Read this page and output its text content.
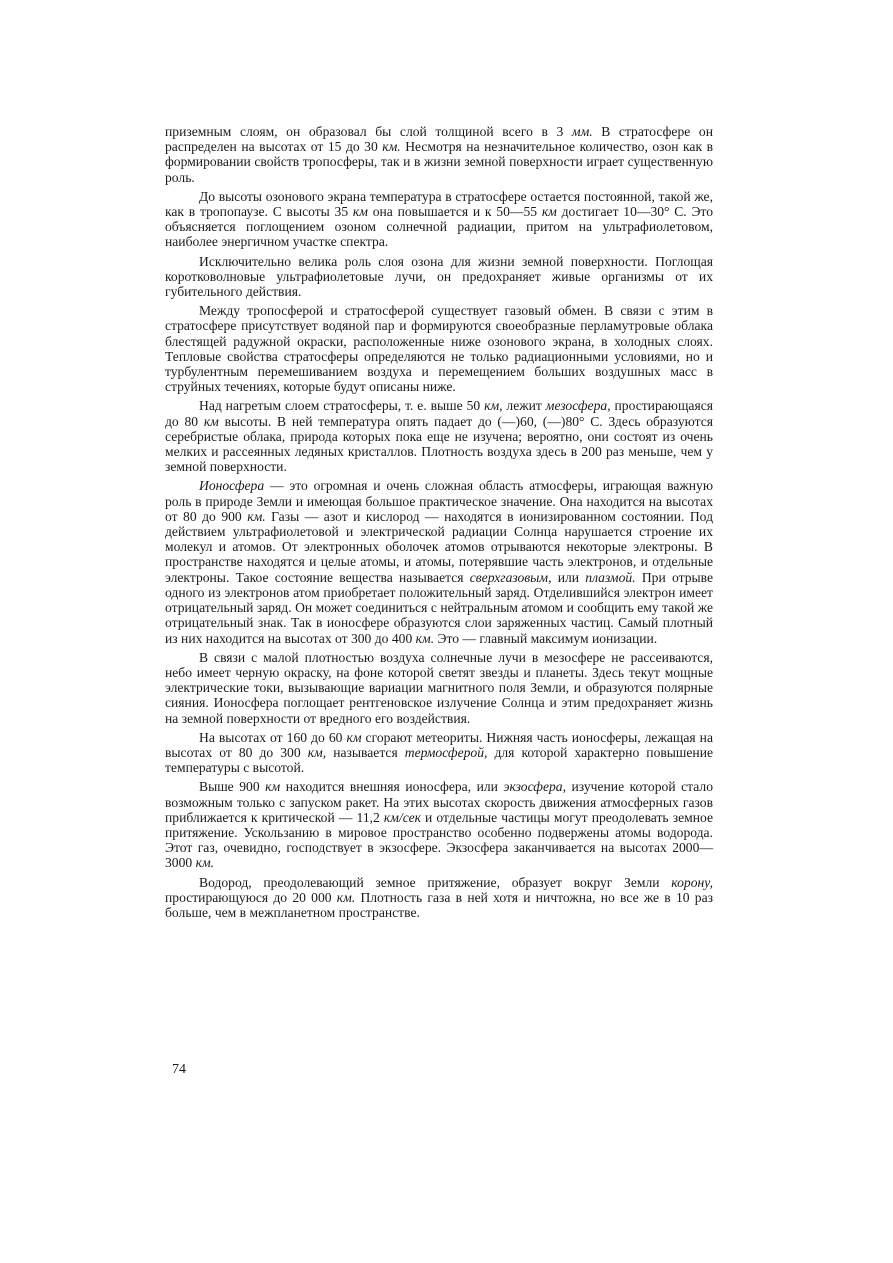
приземным слоям, он образовал бы слой толщиной всего в 3 мм. В стратосфере он распределен на высотах от 15 до 30 км. Несмотря на незначительное количество, озон как в формировании свойств тропосферы, так и в жизни земной поверхности играет существенную роль.

До высоты озонового экрана температура в стратосфере остается постоянной, такой же, как в тропопаузе. С высоты 35 км она повышается и к 50—55 км достигает 10—30° С. Это объясняется поглощением озоном солнечной радиации, притом на ультрафиолетовом, наиболее энергичном участке спектра.

Исключительно велика роль слоя озона для жизни земной поверхности. Поглощая коротковолновые ультрафиолетовые лучи, он предохраняет живые организмы от их губительного действия.

Между тропосферой и стратосферой существует газовый обмен. В связи с этим в стратосфере присутствует водяной пар и формируются своеобразные перламутровые облака блестящей радужной окраски, расположенные ниже озонового экрана, в холодных слоях. Тепловые свойства стратосферы определяются не только радиационными условиями, но и турбулентным перемешиванием воздуха и перемещением больших воздушных масс в струйных течениях, которые будут описаны ниже.

Над нагретым слоем стратосферы, т. е. выше 50 км, лежит мезосфера, простирающаяся до 80 км высоты. В ней температура опять падает до (—)60, (—)80° С. Здесь образуются серебристые облака, природа которых пока еще не изучена; вероятно, они состоят из очень мелких и рассеянных ледяных кристаллов. Плотность воздуха здесь в 200 раз меньше, чем у земной поверхности.

Ионосфера — это огромная и очень сложная область атмосферы, играющая важную роль в природе Земли и имеющая большое практическое значение. Она находится на высотах от 80 до 900 км. Газы — азот и кислород — находятся в ионизированном состоянии. Под действием ультрафиолетовой и электрической радиации Солнца нарушается строение их молекул и атомов. От электронных оболочек атомов отрываются некоторые электроны. В пространстве находятся и целые атомы, и атомы, потерявшие часть электронов, и отдельные электроны. Такое состояние вещества называется сверхгазовым, или плазмой. При отрыве одного из электронов атом приобретает положительный заряд. Отделившийся электрон имеет отрицательный заряд. Он может соединиться с нейтральным атомом и сообщить ему такой же отрицательный знак. Так в ионосфере образуются слои заряженных частиц. Самый плотный из них находится на высотах от 300 до 400 км. Это — главный максимум ионизации.

В связи с малой плотностью воздуха солнечные лучи в мезосфере не рассеиваются, небо имеет черную окраску, на фоне которой светят звезды и планеты. Здесь текут мощные электрические токи, вызывающие вариации магнитного поля Земли, и образуются полярные сияния. Ионосфера поглощает рентгеновское излучение Солнца и этим предохраняет жизнь на земной поверхности от вредного его воздействия.

На высотах от 160 до 60 км сгорают метеориты. Нижняя часть ионосферы, лежащая на высотах от 80 до 300 км, называется термосферой, для которой характерно повышение температуры с высотой.

Выше 900 км находится внешняя ионосфера, или экзосфера, изучение которой стало возможным только с запуском ракет. На этих высотах скорость движения атмосферных газов приближается к критической — 11,2 км/сек и отдельные частицы могут преодолевать земное притяжение. Ускользанию в мировое пространство особенно подвержены атомы водорода. Этот газ, очевидно, господствует в экзосфере. Экзосфера заканчивается на высотах 2000—3000 км.

Водород, преодолевающий земное притяжение, образует вокруг Земли корону, простирающуюся до 20 000 км. Плотность газа в ней хотя и ничтожна, но все же в 10 раз больше, чем в межпланетном пространстве.

74
